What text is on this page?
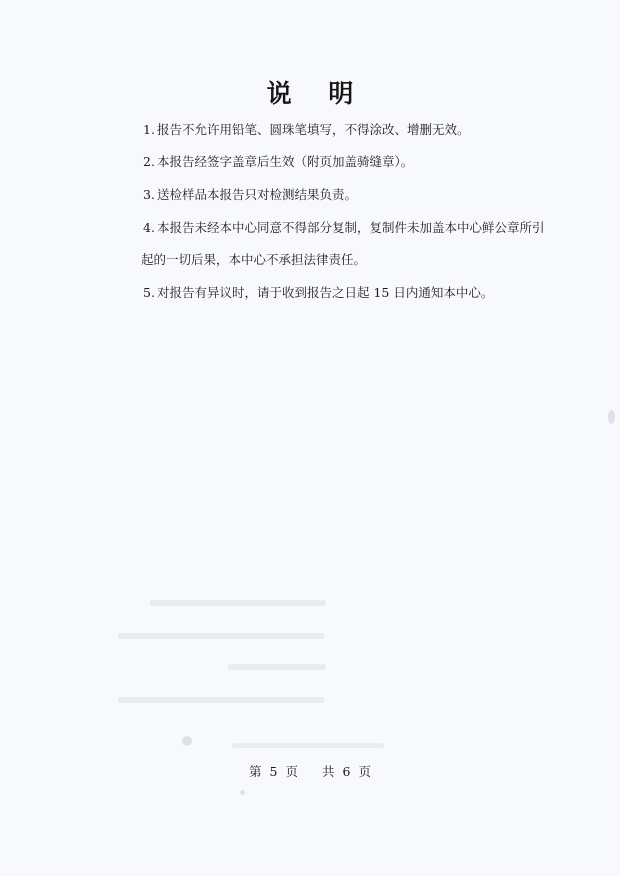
说 明
1. 报告不允许用铅笔、圆珠笔填写，不得涂改、增删无效。
2. 本报告经签字盖章后生效（附页加盖骑缝章）。
3. 送检样品本报告只对检测结果负责。
4. 本报告未经本中心同意不得部分复制，复制件未加盖本中心鲜公章所引
起的一切后果，本中心不承担法律责任。
5. 对报告有异议时，请于收到报告之日起 15 日内通知本中心。
第 5 页 共 6 页
